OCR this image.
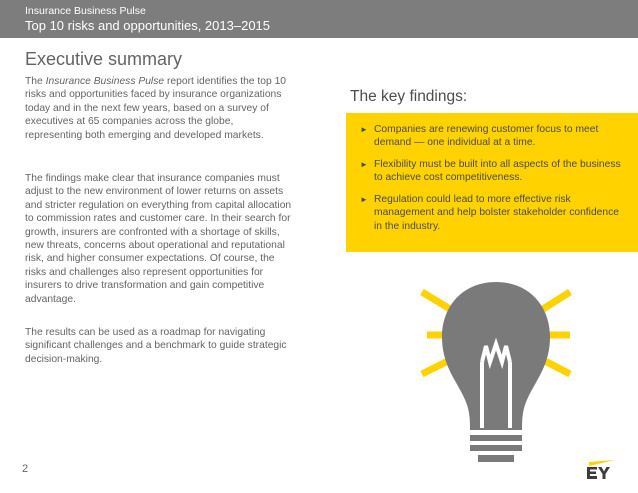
Insurance Business Pulse
Top 10 risks and opportunities, 2013–2015
Executive summary

The Insurance Business Pulse report identifies the top 10 risks and opportunities faced by insurance organizations today and in the next few years, based on a survey of executives at 65 companies across the globe, representing both emerging and developed markets.

The findings make clear that insurance companies must adjust to the new environment of lower returns on assets and stricter regulation on everything from capital allocation to commission rates and customer care. In their search for growth, insurers are confronted with a shortage of skills, new threats, concerns about operational and reputational risk, and higher consumer expectations. Of course, the risks and challenges also represent opportunities for insurers to drive transformation and gain competitive advantage.

The results can be used as a roadmap for navigating significant challenges and a benchmark to guide strategic decision-making.

The key findings:
► Companies are renewing customer focus to meet demand — one individual at a time.
► Flexibility must be built into all aspects of the business to achieve cost competitiveness.
► Regulation could lead to more effective risk management and help bolster stakeholder confidence in the industry.
2
